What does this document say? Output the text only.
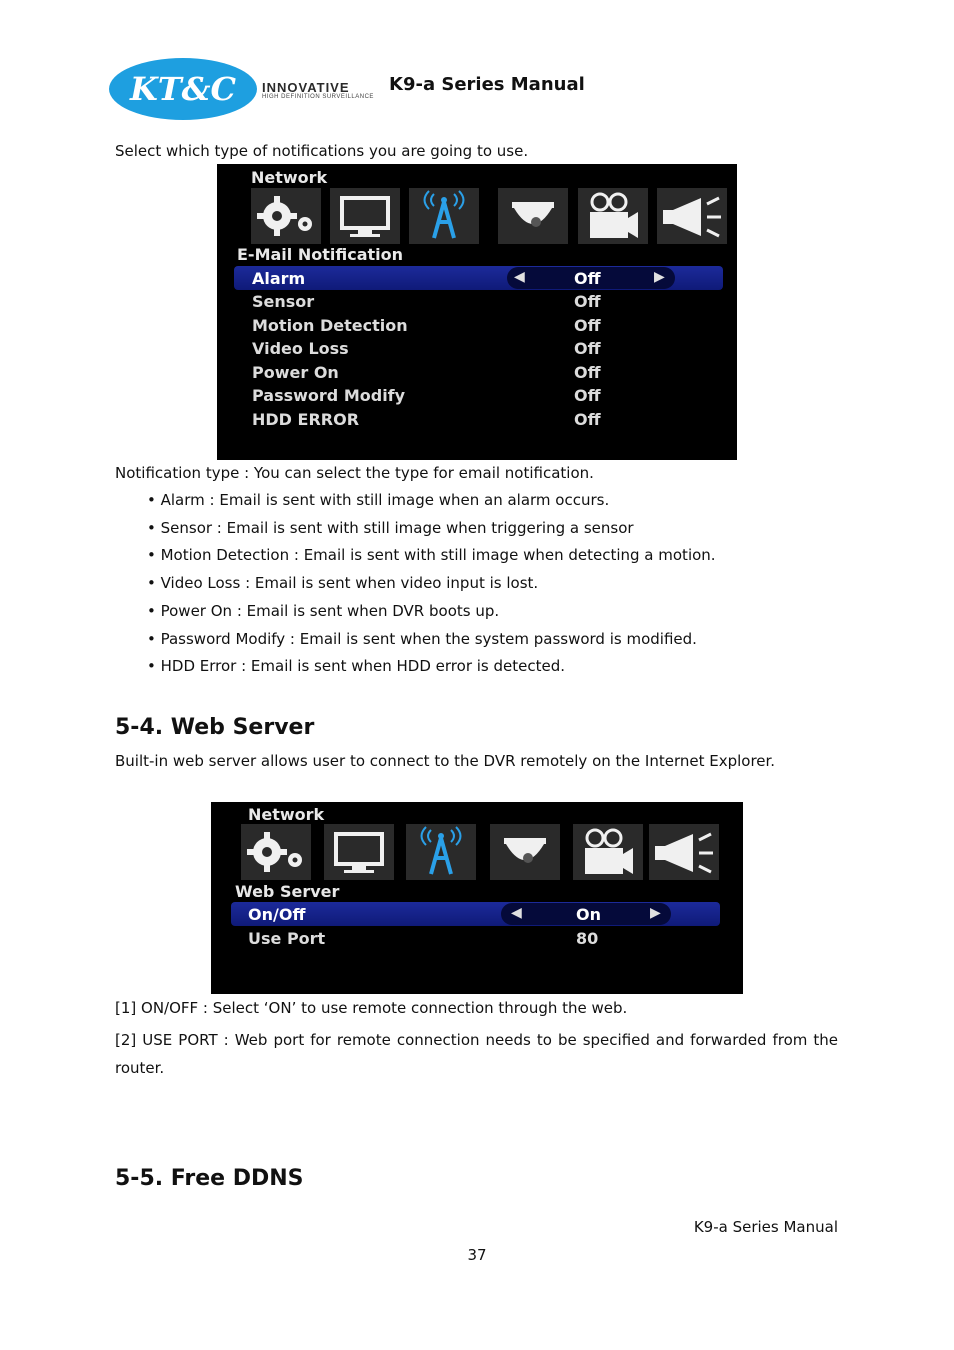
KT&C INNOVATIVE
HIGH DEFINITION SURVEILLANCE
K9-a Series Manual
Select which type of notifications you are going to use.
Network
E-Mail Notification
◀	▶
Alarm	Off
Sensor	Off
Motion Detection	Off
Video Loss	Off
Power On	Off
Password Modify	Off
HDD ERROR	Off
Notification type : You can select the type for email notification.
• Alarm : Email is sent with still image when an alarm occurs.
• Sensor : Email is sent with still image when triggering a sensor
• Motion Detection : Email is sent with still image when detecting a motion.
• Video Loss : Email is sent when video input is lost.
• Power On : Email is sent when DVR boots up.
• Password Modify : Email is sent when the system password is modified.
• HDD Error : Email is sent when HDD error is detected.
5-4. Web Server
Built-in web server allows user to connect to the DVR remotely on the Internet Explorer.
Network
Web Server
◀	▶
On/Off	On
Use Port	80
[1] ON/OFF : Select ‘ON’ to use remote connection through the web.
[2] USE PORT : Web port for remote connection needs to be specified and forwarded from the router.
5-5. Free DDNS
K9-a Series Manual
37
